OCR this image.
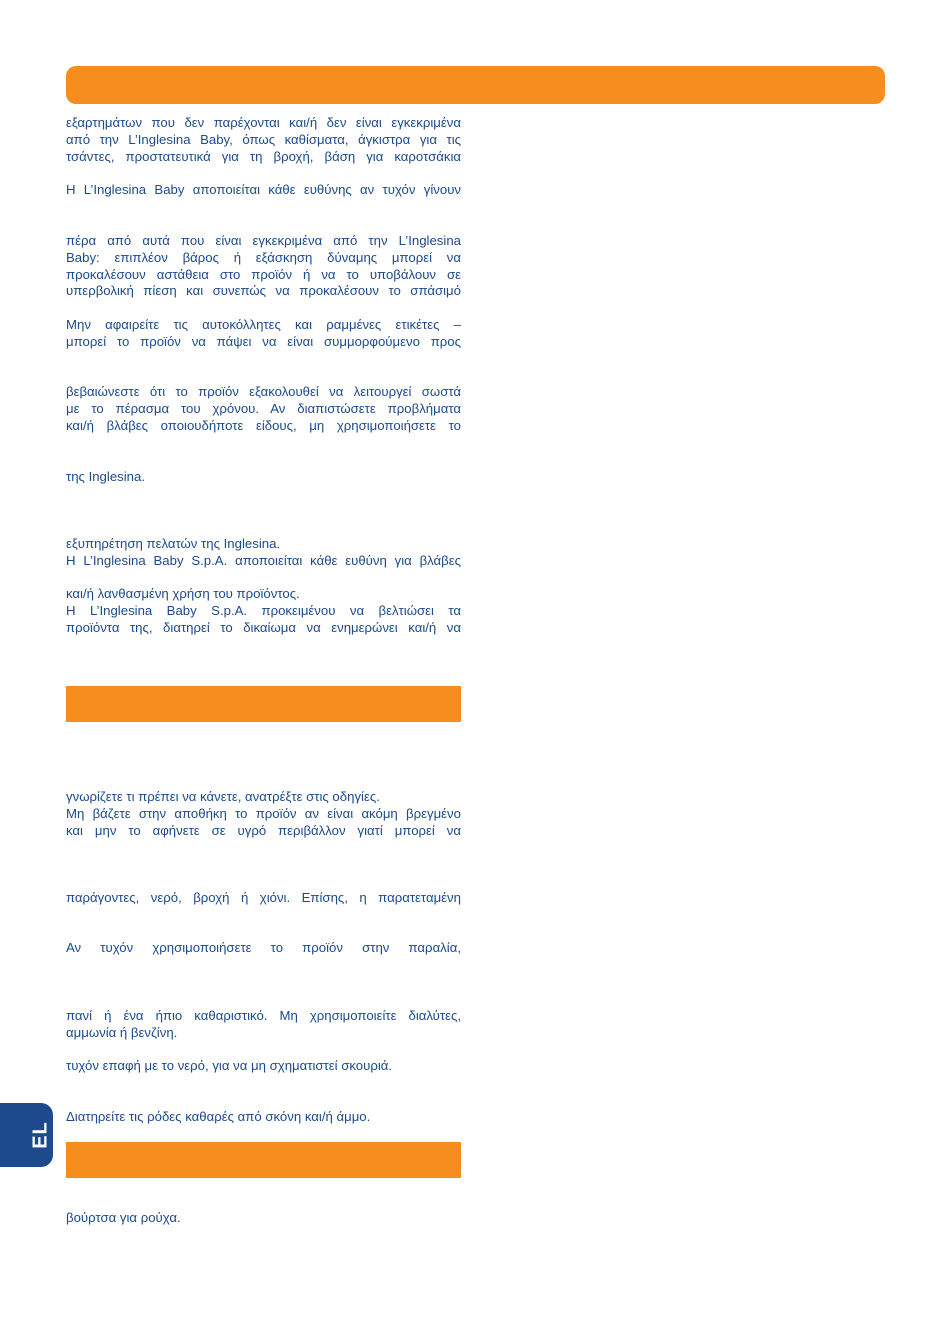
εξαρτημάτων που δεν παρέχονται και/ή δεν είναι εγκεκριμένα
από την L’Inglesina Baby, όπως καθίσματα, άγκιστρα για τις
τσάντες, προστατευτικά για τη βροχή, βάση για καροτσάκια
Η L’Inglesina Baby αποποιείται κάθε ευθύνης αν τυχόν γίνουν
πέρα από αυτά που είναι εγκεκριμένα από την L’Inglesina
Baby: επιπλέον βάρος ή εξάσκηση δύναμης μπορεί να
προκαλέσουν αστάθεια στο προϊόν ή να το υποβάλουν σε
υπερβολική πίεση και συνεπώς να προκαλέσουν το σπάσιμό
Μην αφαιρείτε τις αυτοκόλλητες και ραμμένες ετικέτες –
μπορεί το προϊόν να πάψει να είναι συμμορφούμενο προς
βεβαιώνεστε ότι το προϊόν εξακολουθεί να λειτουργεί σωστά
με το πέρασμα του χρόνου. Αν διαπιστώσετε προβλήματα
και/ή βλάβες οποιουδήποτε είδους, μη χρησιμοποιήσετε το
της Inglesina.
εξυπηρέτηση πελατών της Inglesina.
Η L’Inglesina Baby S.p.A. αποποιείται κάθε ευθύνη για βλάβες
και/ή λανθασμένη χρήση του προϊόντος.
Η L’Inglesina Baby S.p.A. προκειμένου να βελτιώσει τα
προϊόντα της, διατηρεί το δικαίωμα να ενημερώνει και/ή να
γνωρίζετε τι πρέπει να κάνετε, ανατρέξτε στις οδηγίες.
Μη βάζετε στην αποθήκη το προϊόν αν είναι ακόμη βρεγμένο
και μην το αφήνετε σε υγρό περιβάλλον γιατί μπορεί να
παράγοντες, νερό, βροχή ή χιόνι. Επίσης, η παρατεταμένη
Αν τυχόν χρησιμοποιήσετε το προϊόν στην παραλία,
πανί ή ένα ήπιο καθαριστικό. Μη χρησιμοποιείτε διαλύτες,
αμμωνία ή βενζίνη.
τυχόν επαφή με το νερό, για να μη σχηματιστεί σκουριά.
Διατηρείτε τις ρόδες καθαρές από σκόνη και/ή άμμο.
βούρτσα για ρούχα.
EL
